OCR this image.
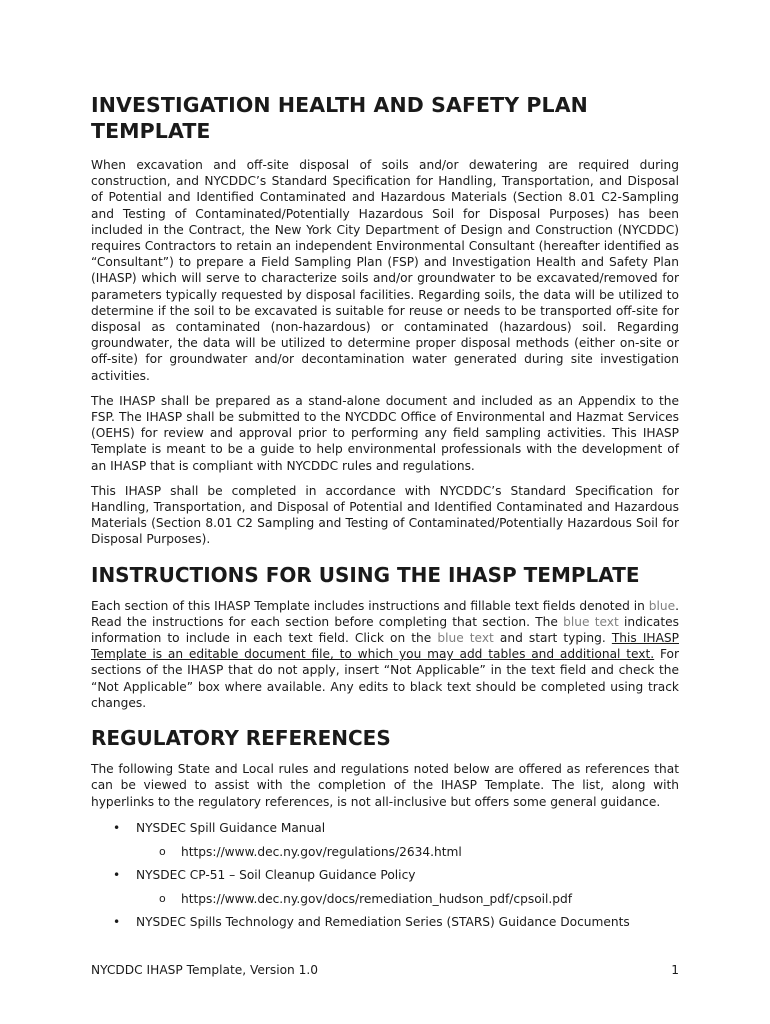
INVESTIGATION HEALTH AND SAFETY PLAN TEMPLATE

When excavation and off-site disposal of soils and/or dewatering are required during construction, and NYCDDC’s Standard Specification for Handling, Transportation, and Disposal of Potential and Identified Contaminated and Hazardous Materials (Section 8.01 C2-Sampling and Testing of Contaminated/Potentially Hazardous Soil for Disposal Purposes) has been included in the Contract, the New York City Department of Design and Construction (NYCDDC) requires Contractors to retain an independent Environmental Consultant (hereafter identified as “Consultant”) to prepare a Field Sampling Plan (FSP) and Investigation Health and Safety Plan (IHASP) which will serve to characterize soils and/or groundwater to be excavated/removed for parameters typically requested by disposal facilities. Regarding soils, the data will be utilized to determine if the soil to be excavated is suitable for reuse or needs to be transported off-site for disposal as contaminated (non-hazardous) or contaminated (hazardous) soil. Regarding groundwater, the data will be utilized to determine proper disposal methods (either on-site or off-site) for groundwater and/or decontamination water generated during site investigation activities.

The IHASP shall be prepared as a stand-alone document and included as an Appendix to the FSP. The IHASP shall be submitted to the NYCDDC Office of Environmental and Hazmat Services (OEHS) for review and approval prior to performing any field sampling activities. This IHASP Template is meant to be a guide to help environmental professionals with the development of an IHASP that is compliant with NYCDDC rules and regulations.

This IHASP shall be completed in accordance with NYCDDC’s Standard Specification for Handling, Transportation, and Disposal of Potential and Identified Contaminated and Hazardous Materials (Section 8.01 C2 Sampling and Testing of Contaminated/Potentially Hazardous Soil for Disposal Purposes).

INSTRUCTIONS FOR USING THE IHASP TEMPLATE

Each section of this IHASP Template includes instructions and fillable text fields denoted in blue. Read the instructions for each section before completing that section. The blue text indicates information to include in each text field. Click on the blue text and start typing. This IHASP Template is an editable document file, to which you may add tables and additional text. For sections of the IHASP that do not apply, insert “Not Applicable” in the text field and check the “Not Applicable” box where available. Any edits to black text should be completed using track changes.

REGULATORY REFERENCES

The following State and Local rules and regulations noted below are offered as references that can be viewed to assist with the completion of the IHASP Template. The list, along with hyperlinks to the regulatory references, is not all-inclusive but offers some general guidance.

• NYSDEC Spill Guidance Manual
o https://www.dec.ny.gov/regulations/2634.html
• NYSDEC CP-51 – Soil Cleanup Guidance Policy
o https://www.dec.ny.gov/docs/remediation_hudson_pdf/cpsoil.pdf
• NYSDEC Spills Technology and Remediation Series (STARS) Guidance Documents
NYCDDC IHASP Template, Version 1.0	1
